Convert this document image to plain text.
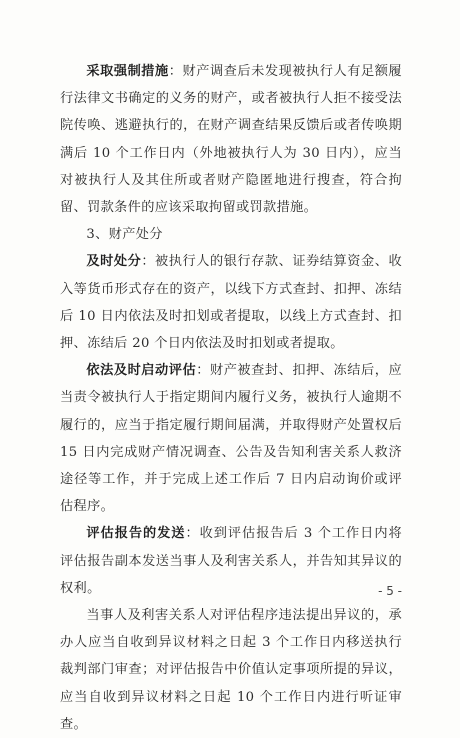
采取强制措施：财产调查后未发现被执行人有足额履行法律文书确定的义务的财产，或者被执行人拒不接受法院传唤、逃避执行的，在财产调查结果反馈后或者传唤期满后 10 个工作日内（外地被执行人为 30 日内），应当对被执行人及其住所或者财产隐匿地进行搜查，符合拘留、罚款条件的应该采取拘留或罚款措施。

3、财产处分

及时处分：被执行人的银行存款、证券结算资金、收入等货币形式存在的资产，以线下方式查封、扣押、冻结后 10 日内依法及时扣划或者提取，以线上方式查封、扣押、冻结后 20 个日内依法及时扣划或者提取。

依法及时启动评估：财产被查封、扣押、冻结后，应当责令被执行人于指定期间内履行义务，被执行人逾期不履行的，应当于指定履行期间届满，并取得财产处置权后 15 日内完成财产情况调查、公告及告知利害关系人救济途径等工作，并于完成上述工作后 7 日内启动询价或评估程序。

评估报告的发送：收到评估报告后 3 个工作日内将评估报告副本发送当事人及利害关系人，并告知其异议的权利。

当事人及利害关系人对评估程序违法提出异议的，承办人应当自收到异议材料之日起 3 个工作日内移送执行裁判部门审查；对评估报告中价值认定事项所提的异议，应当自收到异议材料之日起 10 个工作日内进行听证审查。

- 5 -
